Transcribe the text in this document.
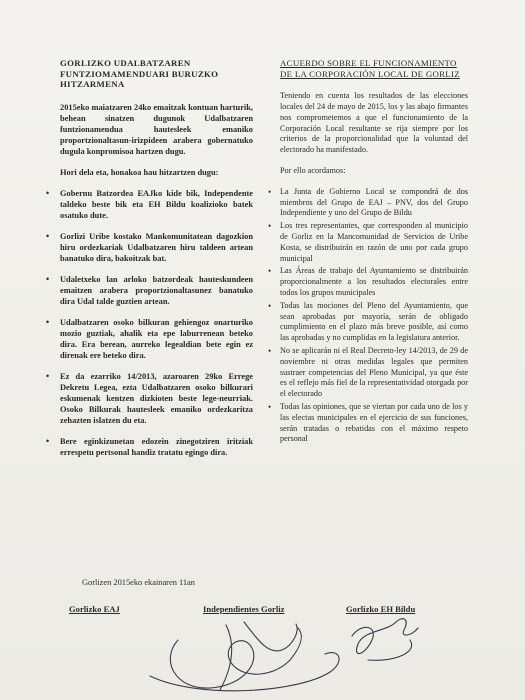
GORLIZKO UDALBATZAREN FUNTZIOMAMENDUARI BURUZKO HITZARMENA

2015eko maiatzaren 24ko emaitzak kontuan harturik, behean sinatzen dugunok Udalbatzaren funtzionamendua hautesleek emaniko proportzionaltasun-irizpideen arabera gobernatuko dugula konpromisoa hartzen dugu.

Hori dela eta, honakoa hau hitzartzen dugu:

• Gobernu Batzordea EAJko kide bik, Independente taldeko beste bik eta EH Bildu koalizioko batek osatuko dute.
• Gorlizi Uribe kostako Mankomunitatean dagozkion hiru ordezkariak Udalbatzaren hiru taldeen artean banatuko dira, bakoitzak bat.
• Udaletxeko lan arloko batzordeak hauteskundeen emaitzen arabera proportzionaltasunez banatuko dira Udal talde guztien artean.
• Udalbatzaren osoko bilkuran gehiengoz onarturiko mozio guztiak, ahalik eta epe laburrenean beteko dira. Era berean, aurreko legealdian bete egin ez direnak ere beteko dira.
• Ez da ezarriko 14/2013, azaroaren 29ko Errege Dekretu Legea, ezta Udalbatzaren osoko bilkurari eskumenak kentzen dizkioten beste lege-neurriak. Osoko Bilkurak hautesleek emaniko ordezkaritza zehazten islatzen du eta.
• Bere eginkizunetan edozein zinegotziren iritziak errespetu pertsonal handiz tratatu egingo dira.
ACUERDO SOBRE EL FUNCIONAMIENTO DE LA CORPORACIÓN LOCAL DE GORLIZ

Teniendo en cuenta los resultados de las elecciones locales del 24 de mayo de 2015, los y las abajo firmantes nos comprometemos a que el funcionamiento de la Corporación Local resultante se rija siempre por los criterios de la proporcionalidad que la voluntad del electorado ha manifestado.

Por ello acordamos:

• La Junta de Gobierno Local se compondrá de dos miembros del Grupo de EAJ – PNV, dos del Grupo Independiente y uno del Grupo de Bildu
• Los tres representantes, que corresponden al municipio de Gorliz en la Mancomunidad de Servicios de Uribe Kosta, se distribuirán en razón de uno por cada grupo municipal
• Las Áreas de trabajo del Ayuntamiento se distribuirán proporcionalmente a los resultados electorales entre todos los grupos municipales
• Todas las mociones del Pleno del Ayuntamiento, que sean aprobadas por mayoría, serán de obligado cumplimiento en el plazo más breve posible, así como las aprobadas y no cumplidas en la legislatura anterior.
• No se aplicarán ni el Real Decreto-ley 14/2013, de 29 de noviembre ni otras medidas legales que permiten sustraer competencias del Pleno Municipal, ya que éste es el reflejo más fiel de la representatividad otorgada por el electorado
• Todas las opiniones, que se viertan por cada uno de los y las electas municipales en el ejercicio de sus funciones, serán tratadas o rebatidas con el máximo respeto personal
Gorlizen 2015eko ekainaren 11an
Gorlizko EAJ	Independientes Gorliz	Gorlizko EH Bildu
